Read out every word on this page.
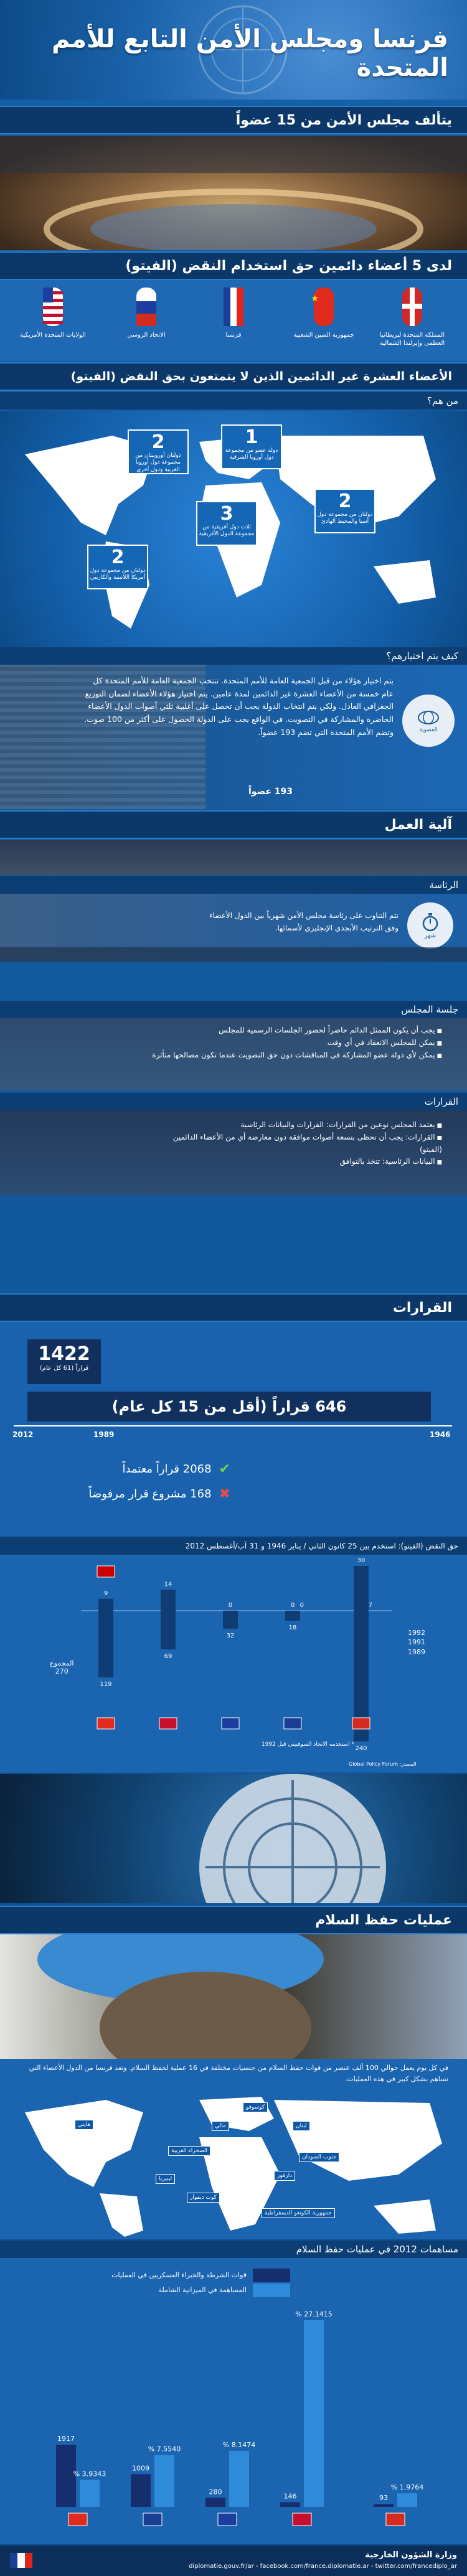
فرنسا ومجلس الأمن التابع للأمم المتحدة
يتألف مجلس الأمن من 15 عضواً
لدى 5 أعضاء دائمين حق استخدام النقض (الفيتو)
المملكة المتحدة لبريطانيا العظمى وإيرلندا الشمالية
★
جمهورية الصين الشعبية
فرنسا
الاتحاد الروسي
الولايات المتحدة الأمريكية
الأعضاء العشرة غير الدائمين الذين لا يتمتعون بحق النقض (الفيتو)
من هم؟
2
دولتان أوروبيتان من مجموعة دول أوروبا الغربية ودول أخرى
1
دولة عضو من مجموعة دول أوروبا الشرقية
3
ثلاث دول أفريقية من مجموعة الدول الأفريقية
2
دولتان من مجموعة دول آسيا والمحيط الهادئ
2
دولتان من مجموعة دول أمريكا اللاتينية والكاريبي
كيف يتم اختيارهم؟
العضوية
يتم اختيار هؤلاء من قبل الجمعية العامة للأمم المتحدة. تنتخب الجمعية العامة للأمم المتحدة كل عام خمسة من الأعضاء العشرة غير الدائمين لمدة عامين. يتم اختيار هؤلاء الأعضاء لضمان التوزيع الجغرافي العادل. ولكي يتم انتخاب الدولة يجب أن تحصل على أغلبية ثلثي أصوات الدول الأعضاء الحاضرة والمشاركة في التصويت. في الواقع يجب على الدولة الحصول على أكثر من 100 صوت. وتضم الأمم المتحدة التي تضم 193 عضواً.
193 عضواً
آلية العمل
الرئاسة
شهر
تتم التناوب على رئاسة مجلس الأمن شهرياً بين الدول الأعضاء وفق الترتيب الأبجدي الإنجليزي لأسمائها.
جلسة المجلس
■ يجب أن يكون الممثل الدائم حاضراً لحضور الجلسات الرسمية للمجلس
■ يمكن للمجلس الانعقاد في أي وقت
■ يمكن لأي دولة عضو المشاركة في المناقشات دون حق التصويت عندما تكون مصالحها متأثرة
القرارات
■ يعتمد المجلس نوعين من القرارات: القرارات والبيانات الرئاسية
■ القرارات: يجب أن تحظى بتسعة أصوات موافقة دون معارضة أي من الأعضاء الدائمين (الفيتو)
■ البيانات الرئاسية: تتخذ بالتوافق
القرارات
1422
قراراً (61 كل عام)
646 قراراً (أقل من 15 كل عام)
2012	1989	1946
✔
2068 قراراً معتمداً
✖
168 مشروع قرار مرفوضاً
حق النقض (الفيتو): استخدم بين 25 كانون الثاني / يناير 1946 و 31 آب/أغسطس 2012
9
119
14
69
0
32
0
18
0
30
240
7
المجموع
270
1992
1991
1989
* استخدمه الاتحاد السوفييتي قبل 1992
المصدر: Global Policy Forum
عمليات حفظ السلام
في كل يوم يعمل حوالي 100 ألف عنصر من قوات حفظ السلام من جنسيات مختلفة في 16 عملية لحفظ السلام. وتعد فرنسا من الدول الأعضاء التي تساهم بشكل كبير في هذه العمليات.
هايتي
الصحراء الغربية
مالي
ليبيريا
كوت ديفوار
جمهورية الكونغو الديمقراطية
لبنان
دارفور
كوسوفو
جنوب السودان
مساهمات 2012 في عمليات حفظ السلام
قوات الشرطة والخبراء العسكريين في العمليات
المساهمة في الميزانية الشاملة
1917
3.9343 %
1009
7.5540 %
280
8.1474 %
146
27.1415 %
93
1.9764 %
وزارة الشؤون الخارجية
diplomatie.gouv.fr/ar - facebook.com/france.diplomatie.ar - twitter.com/francediplo_ar
